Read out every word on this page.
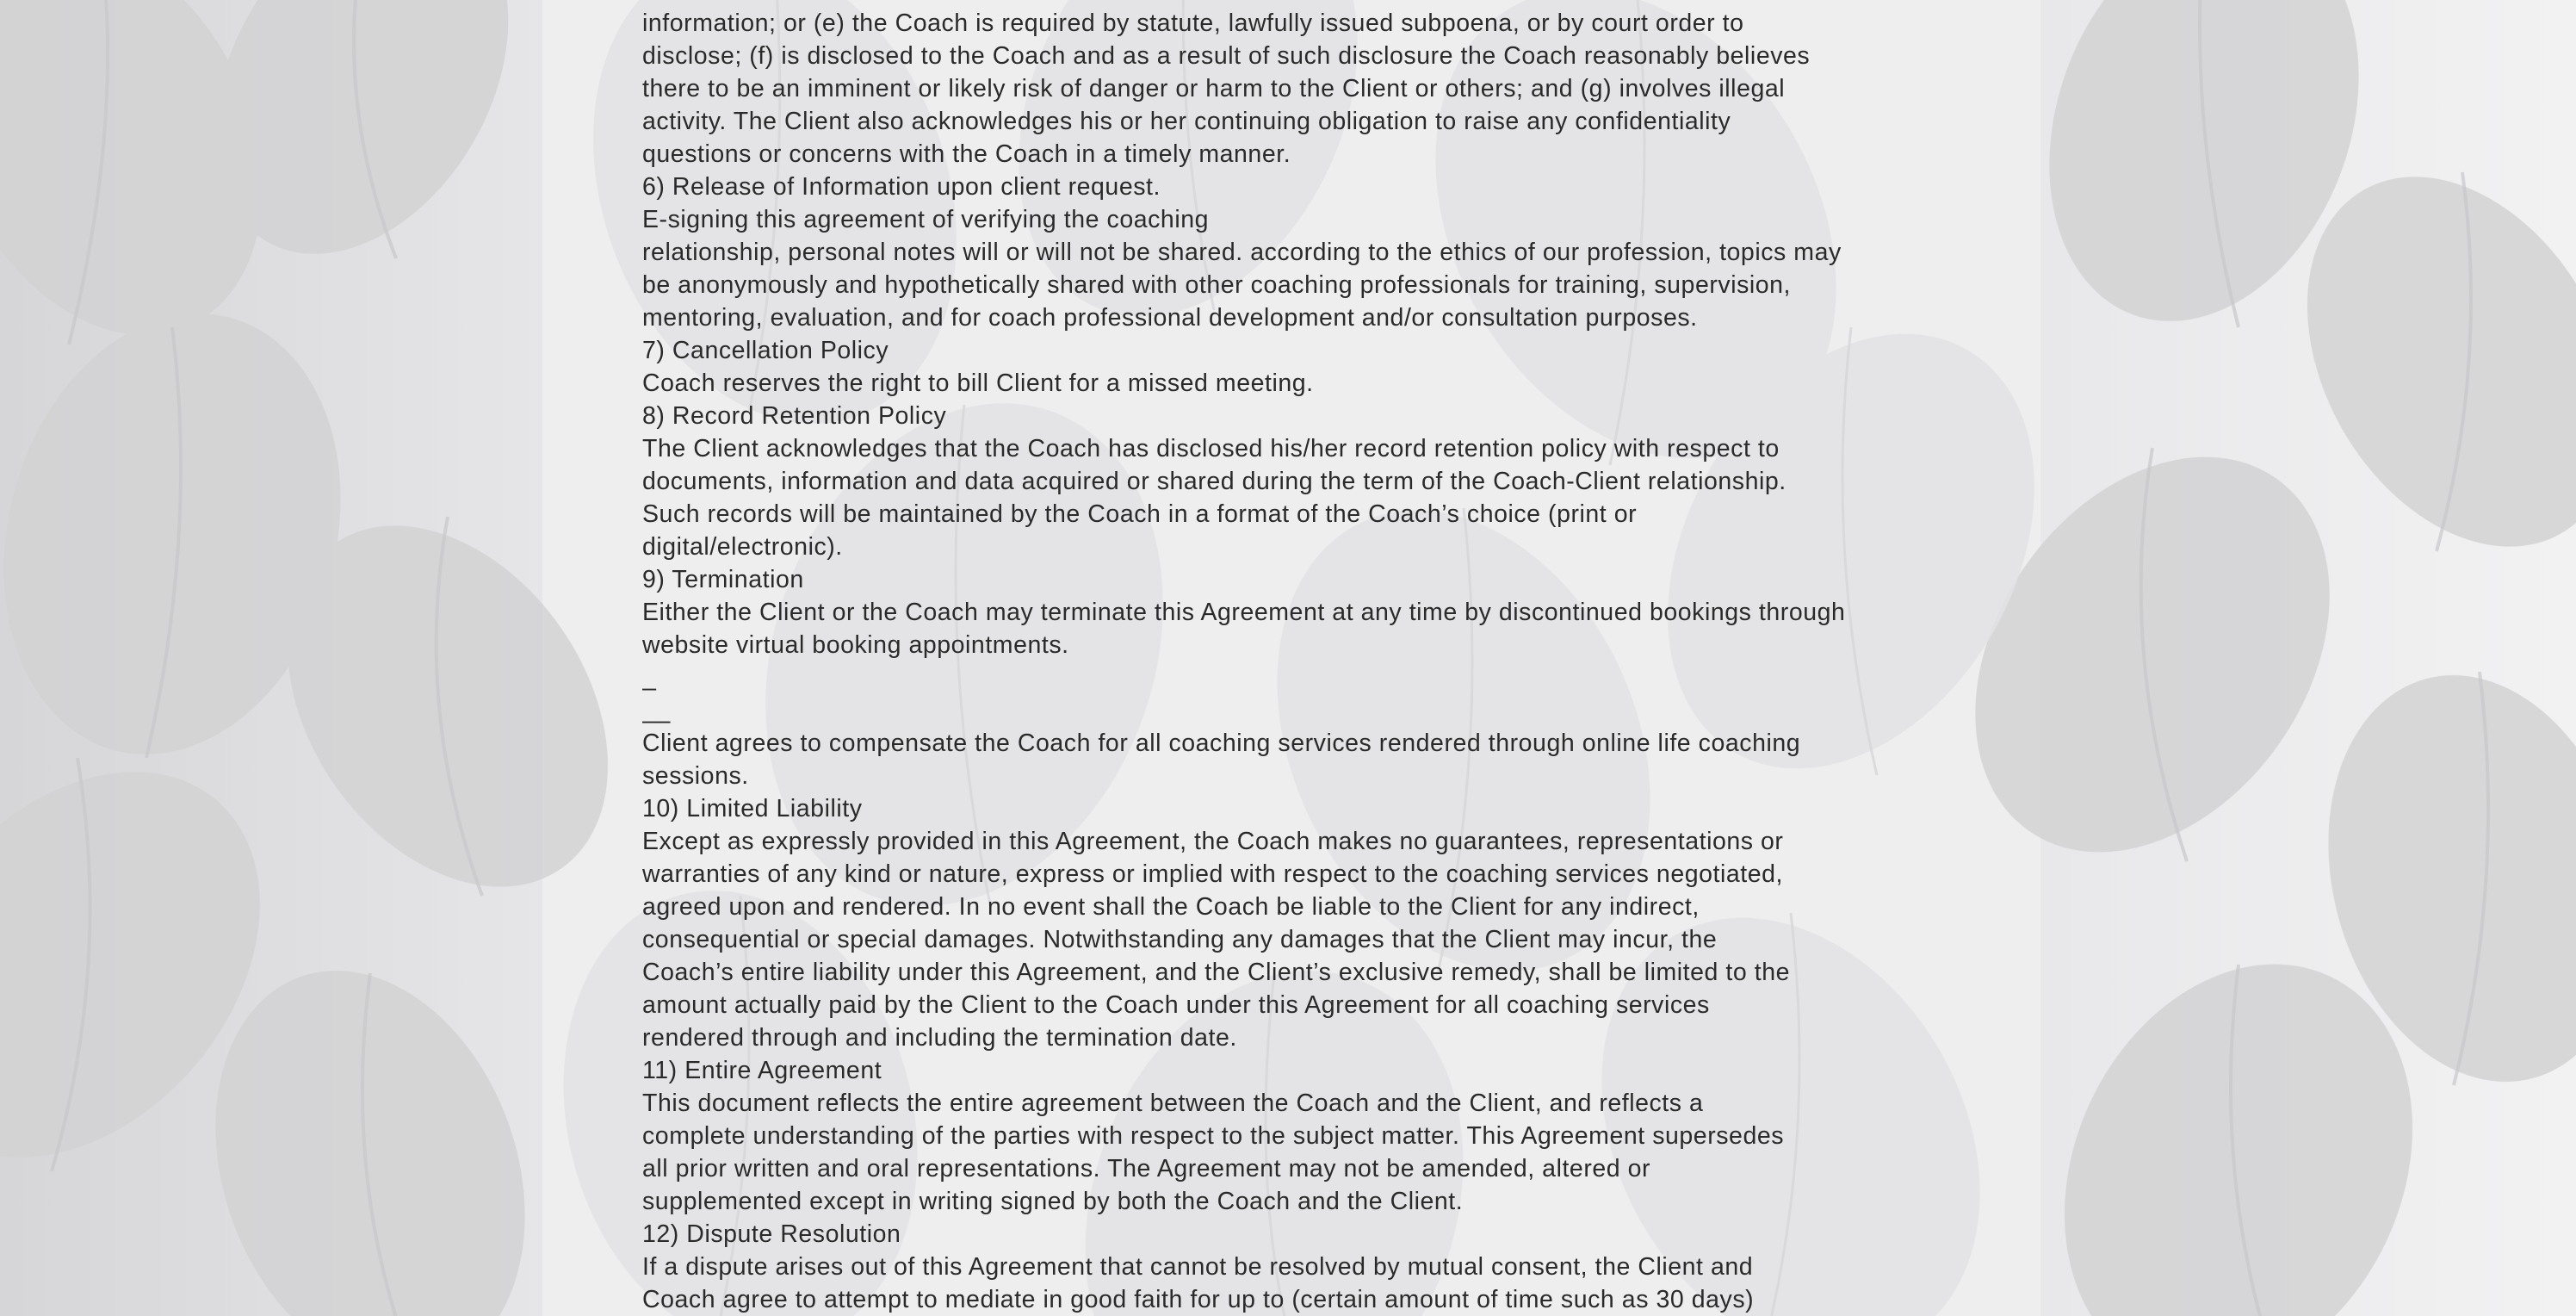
information; or (e) the Coach is required by statute, lawfully issued subpoena, or by court order to
disclose; (f) is disclosed to the Coach and as a result of such disclosure the Coach reasonably believes
there to be an imminent or likely risk of danger or harm to the Client or others; and (g) involves illegal
activity. The Client also acknowledges his or her continuing obligation to raise any confidentiality
questions or concerns with the Coach in a timely manner.
6) Release of Information upon client request.
E-signing this agreement of verifying the coaching
relationship, personal notes will or will not be shared. according to the ethics of our profession, topics may
be anonymously and hypothetically shared with other coaching professionals for training, supervision,
mentoring, evaluation, and for coach professional development and/or consultation purposes.
7) Cancellation Policy
Coach reserves the right to bill Client for a missed meeting.
8) Record Retention Policy
The Client acknowledges that the Coach has disclosed his/her record retention policy with respect to
documents, information and data acquired or shared during the term of the Coach-Client relationship.
Such records will be maintained by the Coach in a format of the Coach’s choice (print or
digital/electronic).
9) Termination
Either the Client or the Coach may terminate this Agreement at any time by discontinued bookings through
website virtual booking appointments.
_
__
Client agrees to compensate the Coach for all coaching services rendered through online life coaching
sessions.
10) Limited Liability
Except as expressly provided in this Agreement, the Coach makes no guarantees, representations or
warranties of any kind or nature, express or implied with respect to the coaching services negotiated,
agreed upon and rendered. In no event shall the Coach be liable to the Client for any indirect,
consequential or special damages. Notwithstanding any damages that the Client may incur, the
Coach’s entire liability under this Agreement, and the Client’s exclusive remedy, shall be limited to the
amount actually paid by the Client to the Coach under this Agreement for all coaching services
rendered through and including the termination date.
11) Entire Agreement
This document reflects the entire agreement between the Coach and the Client, and reflects a
complete understanding of the parties with respect to the subject matter. This Agreement supersedes
all prior written and oral representations. The Agreement may not be amended, altered or
supplemented except in writing signed by both the Coach and the Client.
12) Dispute Resolution
If a dispute arises out of this Agreement that cannot be resolved by mutual consent, the Client and
Coach agree to attempt to mediate in good faith for up to (certain amount of time such as 30 days)
